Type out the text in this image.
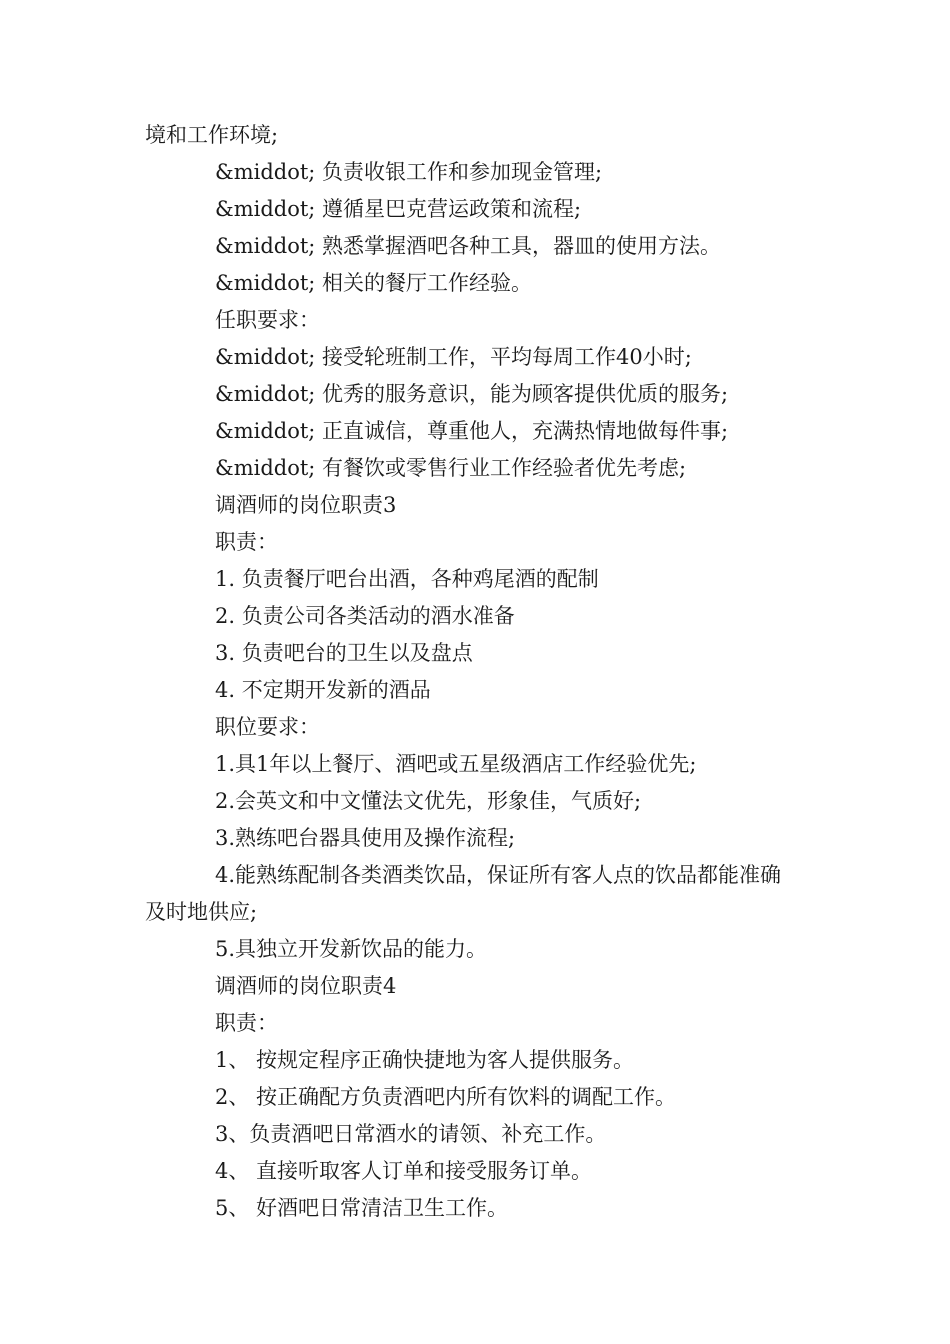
境和工作环境;
&middot; 负责收银工作和参加现金管理;
&middot; 遵循星巴克营运政策和流程;
&middot; 熟悉掌握酒吧各种工具，器皿的使用方法。
&middot; 相关的餐厅工作经验。
任职要求：
&middot; 接受轮班制工作，平均每周工作40小时;
&middot; 优秀的服务意识，能为顾客提供优质的服务;
&middot; 正直诚信，尊重他人，充满热情地做每件事;
&middot; 有餐饮或零售行业工作经验者优先考虑;
调酒师的岗位职责3
职责：
1. 负责餐厅吧台出酒，各种鸡尾酒的配制
2. 负责公司各类活动的酒水准备
3. 负责吧台的卫生以及盘点
4. 不定期开发新的酒品
职位要求：
1.具1年以上餐厅、酒吧或五星级酒店工作经验优先;
2.会英文和中文懂法文优先，形象佳，气质好;
3.熟练吧台器具使用及操作流程;
4.能熟练配制各类酒类饮品，保证所有客人点的饮品都能准确及时地供应;
5.具独立开发新饮品的能力。
调酒师的岗位职责4
职责：
1、 按规定程序正确快捷地为客人提供服务。
2、 按正确配方负责酒吧内所有饮料的调配工作。
3、负责酒吧日常酒水的请领、补充工作。
4、 直接听取客人订单和接受服务订单。
5、 好酒吧日常清洁卫生工作。
